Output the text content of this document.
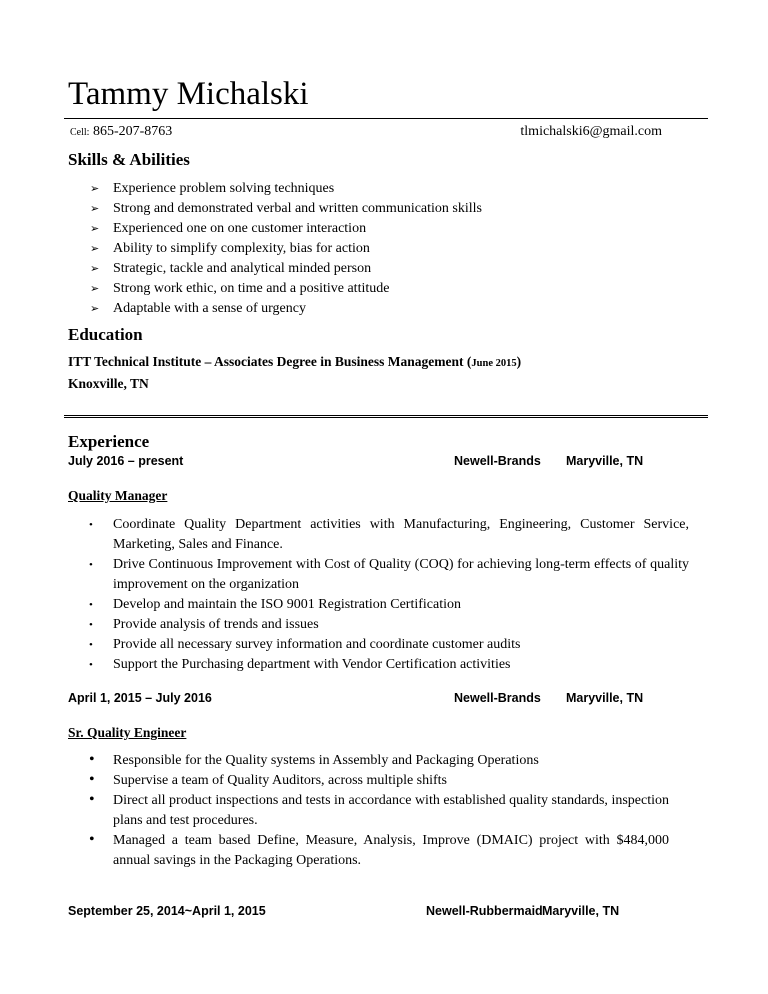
Tammy Michalski
Cell: 865-207-8763	tlmichalski6@gmail.com
Skills & Abilities
➢ Experience problem solving techniques
➢ Strong and demonstrated verbal and written communication skills
➢ Experienced one on one customer interaction
➢ Ability to simplify complexity, bias for action
➢ Strategic, tackle and analytical minded person
➢ Strong work ethic, on time and a positive attitude
➢ Adaptable with a sense of urgency
Education
ITT Technical Institute – Associates Degree in Business Management (June 2015)
Knoxville, TN
Experience
July 2016 – present	Newell-Brands Maryville, TN
Quality Manager
• Coordinate Quality Department activities with Manufacturing, Engineering, Customer Service, Marketing, Sales and Finance.
• Drive Continuous Improvement with Cost of Quality (COQ) for achieving long-term effects of quality improvement on the organization
• Develop and maintain the ISO 9001 Registration Certification
• Provide analysis of trends and issues
• Provide all necessary survey information and coordinate customer audits
• Support the Purchasing department with Vendor Certification activities
April 1, 2015 – July 2016	Newell-Brands Maryville, TN
Sr. Quality Engineer
• Responsible for the Quality systems in Assembly and Packaging Operations
• Supervise a team of Quality Auditors, across multiple shifts
• Direct all product inspections and tests in accordance with established quality standards, inspection plans and test procedures.
• Managed a team based Define, Measure, Analysis, Improve (DMAIC) project with $484,000 annual savings in the Packaging Operations.
September 25, 2014~April 1, 2015	Newell-Rubbermaid Maryville, TN
